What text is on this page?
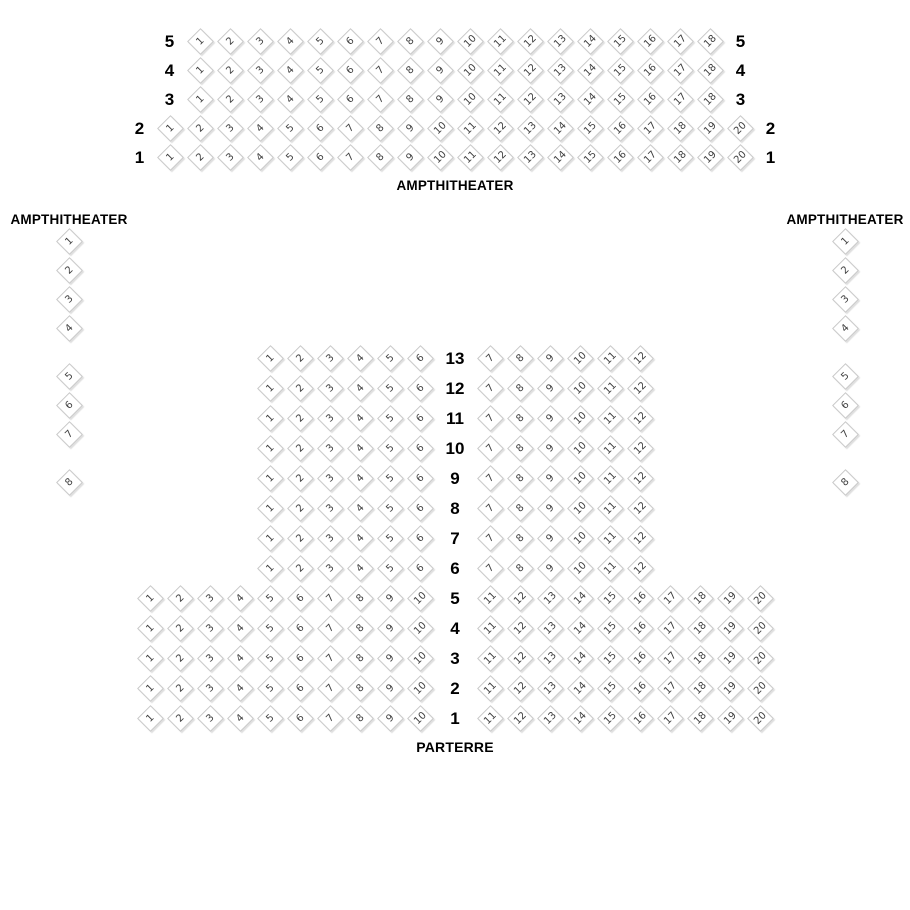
5	1 2 3 4 5 6 7 8 9 10 11 12 13 14 15 16 17 18 5
4	1 2 3 4 5 6 7 8 9 10 11 12 13 14 15 16 17 18 4
3	1 2 3 4 5 6 7 8 9 10 11 12 13 14 15 16 17 18 3
2	1 2 3 4 5 6 7 8 9 10 11 12 13 14 15 16 17 18 19 20 2
1	1 2 3 4 5 6 7 8 9 10 11 12 13 14 15 16 17 18 19 20 1
AMPTHITHEATER
AMPTHITHEATER
1
2
3
4
5
6
7
8
AMPTHITHEATER
1
2
3
4
5
6
7
8
1 2 3 4 5 6	13	7 8 9 10 11 12
1 2 3 4 5 6	12	7 8 9 10 11 12
1 2 3 4 5 6	11	7 8 9 10 11 12
1 2 3 4 5 6	10	7 8 9 10 11 12
1 2 3 4 5 6	9	7 8 9 10 11 12
1 2 3 4 5 6	8	7 8 9 10 11 12
1 2 3 4 5 6	7	7 8 9 10 11 12
1 2 3 4 5 6	6	7 8 9 10 11 12
1 2 3 4 5 6 7 8 9 10	5	11 12 13 14 15 16 17 18 19 20
1 2 3 4 5 6 7 8 9 10	4	11 12 13 14 15 16 17 18 19 20
1 2 3 4 5 6 7 8 9 10	3	11 12 13 14 15 16 17 18 19 20
1 2 3 4 5 6 7 8 9 10	2	11 12 13 14 15 16 17 18 19 20
1 2 3 4 5 6 7 8 9 10	1	11 12 13 14 15 16 17 18 19 20
PARTERRE
